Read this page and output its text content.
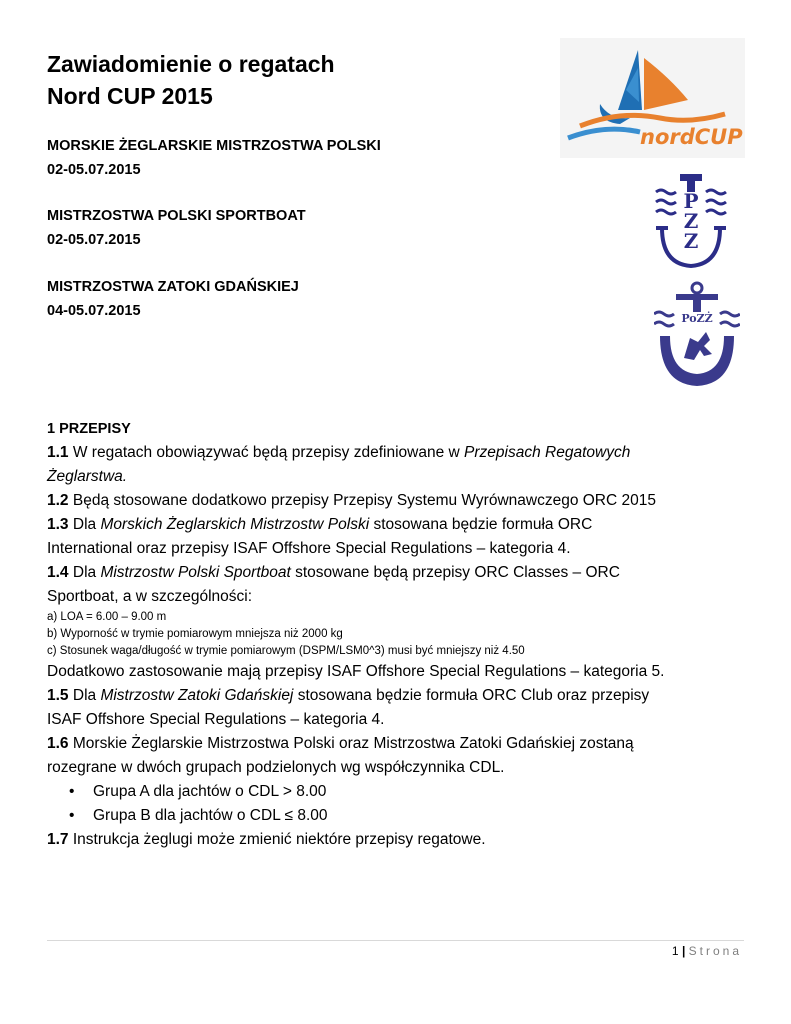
Zawiadomienie o regatach
Nord CUP 2015
MORSKIE ŻEGLARSKIE MISTRZOSTWA POLSKI
02-05.07.2015
MISTRZOSTWA POLSKI SPORTBOAT
02-05.07.2015
MISTRZOSTWA ZATOKI GDAŃSKIEJ
04-05.07.2015
nordCUP
P
Z
Z
PoZŻ
1 PRZEPISY
1.1 W regatach obowiązywać będą przepisy zdefiniowane w Przepisach Regatowych
Żeglarstwa.
1.2 Będą stosowane dodatkowo przepisy Przepisy Systemu Wyrównawczego ORC 2015
1.3 Dla Morskich Żeglarskich Mistrzostw Polski stosowana będzie formuła ORC
International oraz przepisy ISAF Offshore Special Regulations – kategoria 4.
1.4 Dla Mistrzostw Polski Sportboat stosowane będą przepisy ORC Classes – ORC
Sportboat, a w szczególności:
a) LOA = 6.00 – 9.00 m
b) Wyporność w trymie pomiarowym mniejsza niż 2000 kg
c) Stosunek waga/długość w trymie pomiarowym (DSPM/LSM0^3) musi być mniejszy niż 4.50
Dodatkowo zastosowanie mają przepisy ISAF Offshore Special Regulations – kategoria 5.
1.5 Dla Mistrzostw Zatoki Gdańskiej stosowana będzie formuła ORC Club oraz przepisy
ISAF Offshore Special Regulations – kategoria 4.
1.6 Morskie Żeglarskie Mistrzostwa Polski oraz Mistrzostwa Zatoki Gdańskiej zostaną
rozegrane w dwóch grupach podzielonych wg współczynnika CDL.
• Grupa A dla jachtów o CDL > 8.00
• Grupa B dla jachtów o CDL ≤ 8.00
1.7 Instrukcja żeglugi może zmienić niektóre przepisy regatowe.
1 | Strona
